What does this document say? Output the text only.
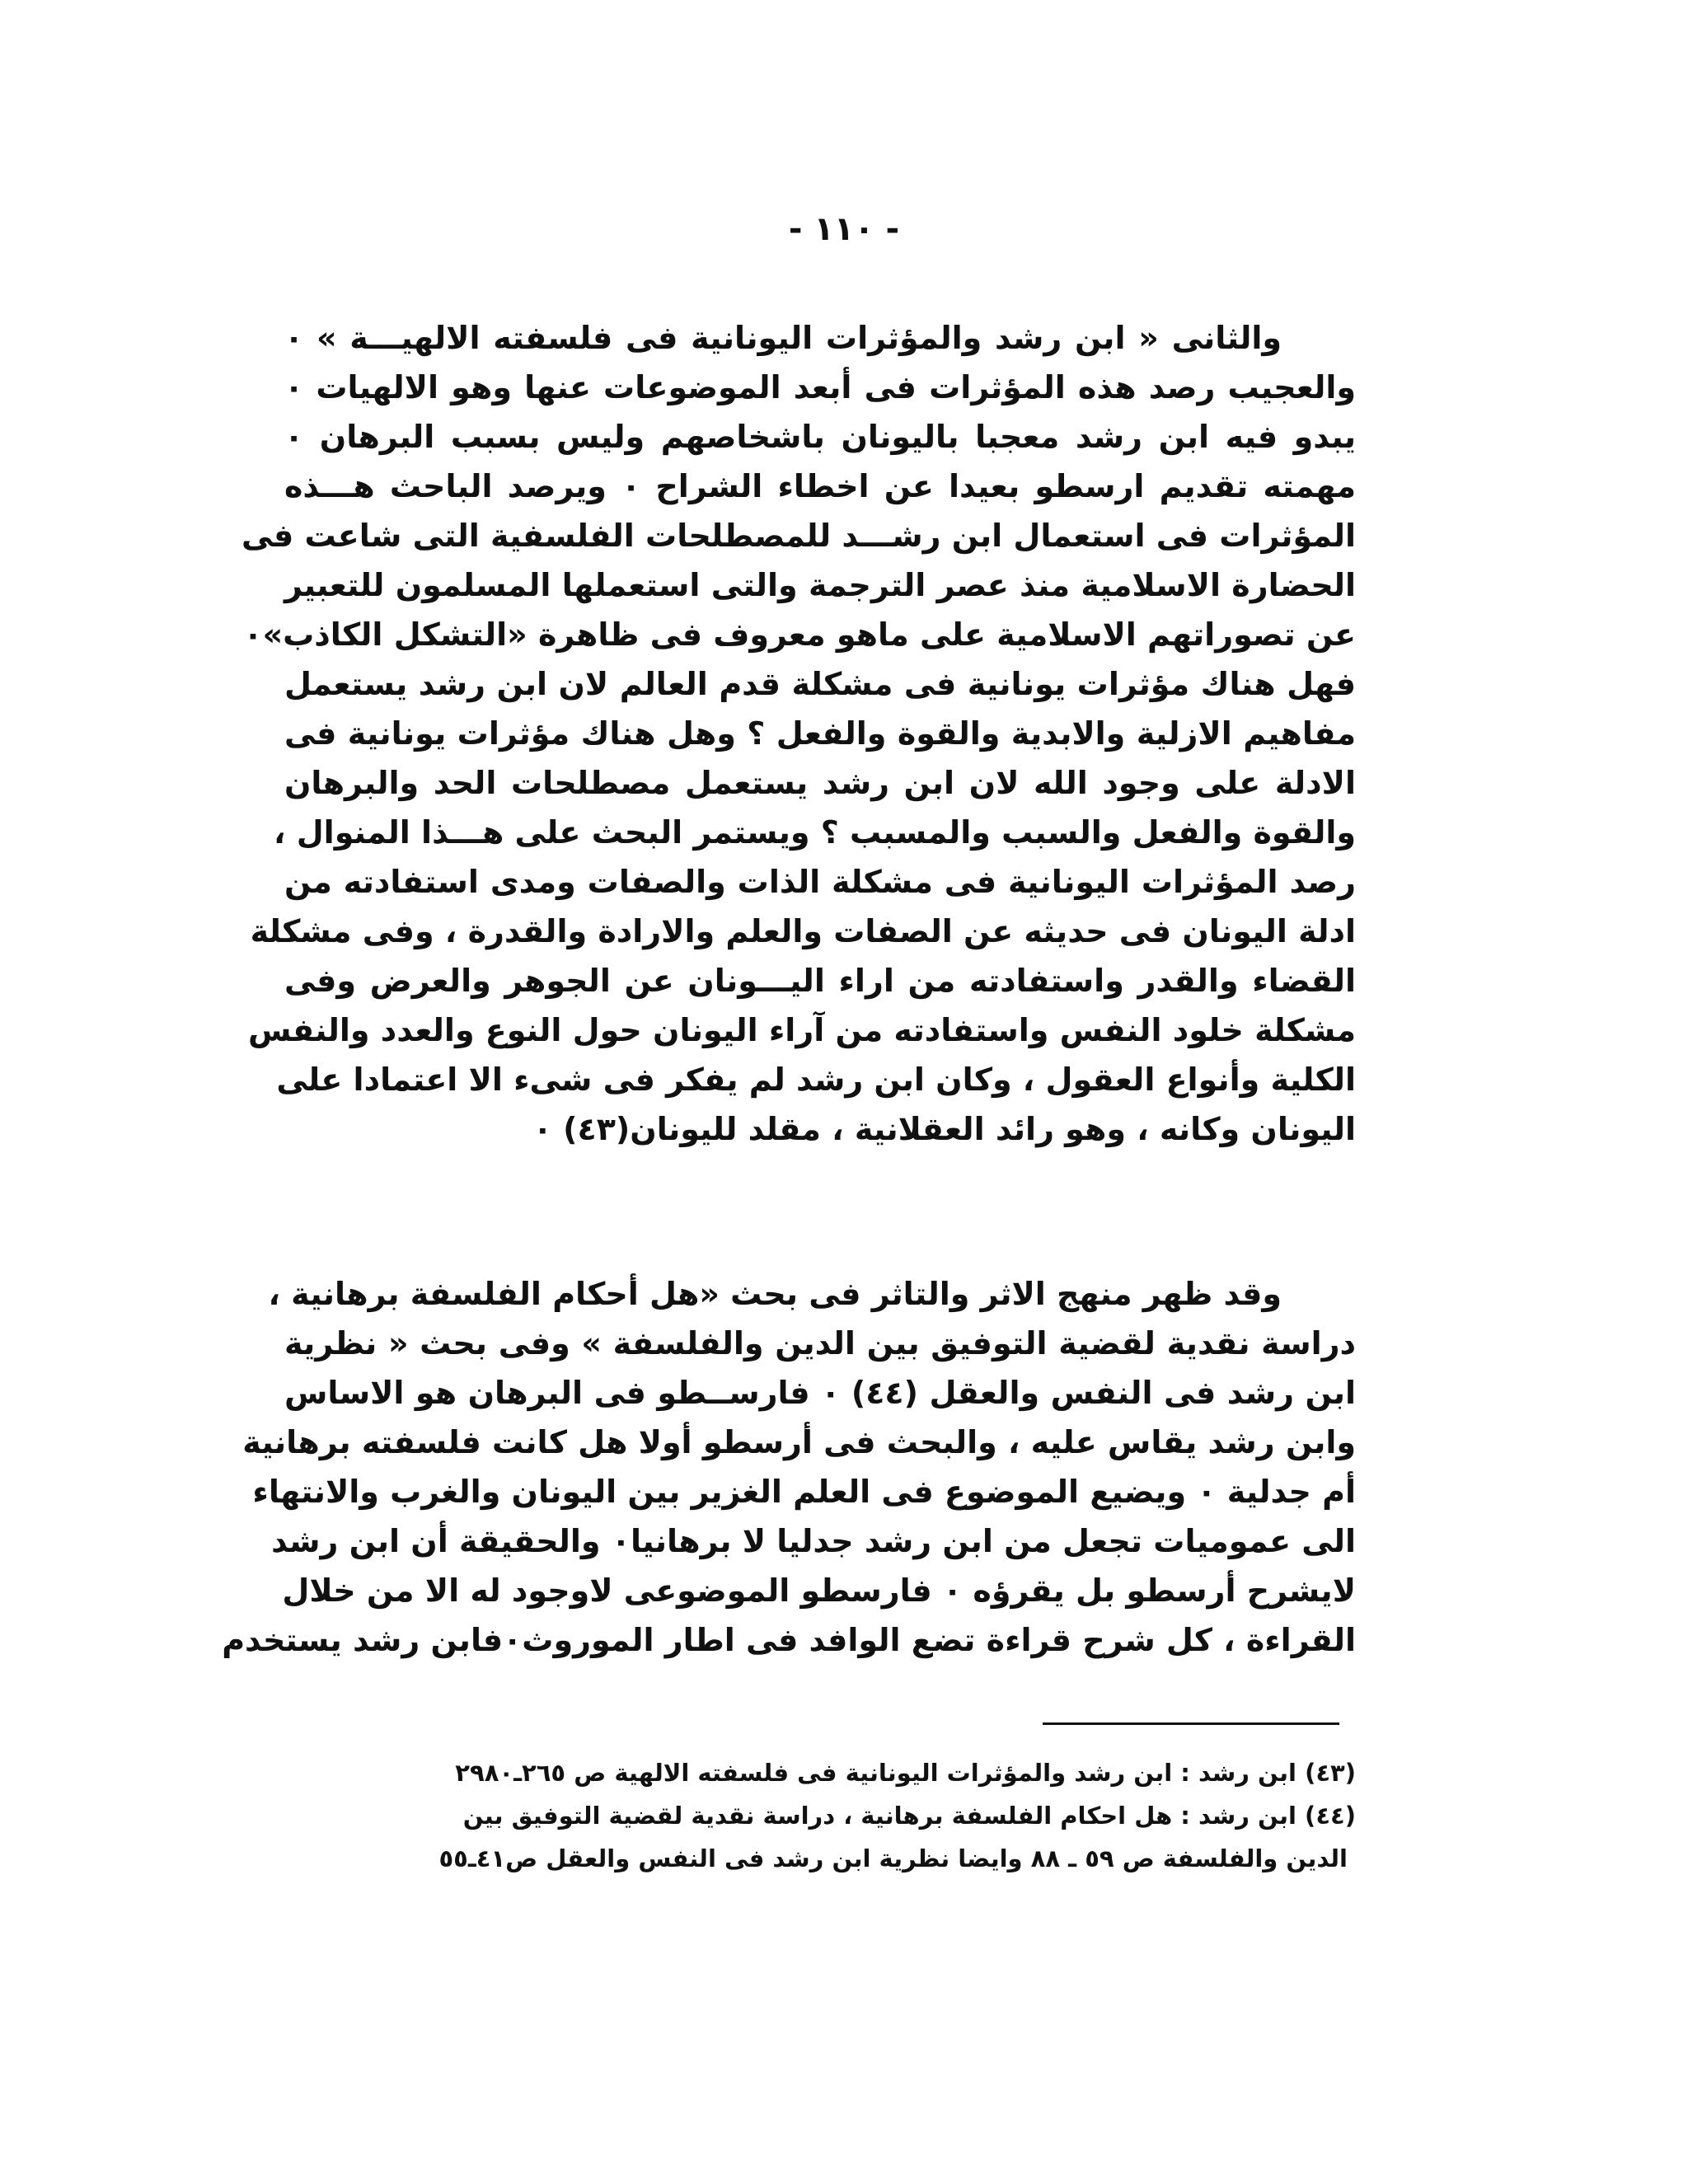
- ١١٠ -
والثانى « ابن رشد والمؤثرات اليونانية فى فلسفته الالهيـــة » ٠
والعجيب رصد هذه المؤثرات فى أبعد الموضوعات عنها وهو الالهيات ٠
يبدو فيه ابن رشد معجبا باليونان باشخاصهم وليس بسبب البرهان ٠
مهمته تقديم ارسطو بعيدا عن اخطاء الشراح ٠ ويرصد الباحث هـــذه
المؤثرات فى استعمال ابن رشـــد للمصطلحات الفلسفية التى شاعت فى
الحضارة الاسلامية منذ عصر الترجمة والتى استعملها المسلمون للتعبير
عن تصوراتهم الاسلامية على ماهو معروف فى ظاهرة «التشكل الكاذب»٠
فهل هناك مؤثرات يونانية فى مشكلة قدم العالم لان ابن رشد يستعمل
مفاهيم الازلية والابدية والقوة والفعل ؟ وهل هناك مؤثرات يونانية فى
الادلة على وجود الله لان ابن رشد يستعمل مصطلحات الحد والبرهان
والقوة والفعل والسبب والمسبب ؟ ويستمر البحث على هـــذا المنوال ،
رصد المؤثرات اليونانية فى مشكلة الذات والصفات ومدى استفادته من
ادلة اليونان فى حديثه عن الصفات والعلم والارادة والقدرة ، وفى مشكلة
القضاء والقدر واستفادته من اراء اليـــونان عن الجوهر والعرض وفى
مشكلة خلود النفس واستفادته من آراء اليونان حول النوع والعدد والنفس
الكلية وأنواع العقول ، وكان ابن رشد لم يفكر فى شىء الا اعتمادا على
اليونان وكانه ، وهو رائد العقلانية ، مقلد لليونان(٤٣) ٠
وقد ظهر منهج الاثر والتاثر فى بحث «هل أحكام الفلسفة برهانية ،
دراسة نقدية لقضية التوفيق بين الدين والفلسفة » وفى بحث « نظرية
ابن رشد فى النفس والعقل (٤٤) ٠ فارســطو فى البرهان هو الاساس
وابن رشد يقاس عليه ، والبحث فى أرسطو أولا هل كانت فلسفته برهانية
أم جدلية ٠ ويضيع الموضوع فى العلم الغزير بين اليونان والغرب والانتهاء
الى عموميات تجعل من ابن رشد جدليا لا برهانيا٠ والحقيقة أن ابن رشد
لايشرح أرسطو بل يقرؤه ٠ فارسطو الموضوعى لاوجود له الا من خلال
القراءة ، كل شرح قراءة تضع الوافد فى اطار الموروث٠فابن رشد يستخدم
(٤٣) ابن رشد : ابن رشد والمؤثرات اليونانية فى فلسفته الالهية ص ٢٦٥ـ٢٩٨٠
(٤٤) ابن رشد : هل احكام الفلسفة برهانية ، دراسة نقدية لقضية التوفيق بين
الدين والفلسفة ص ٥٩ ـ ٨٨ وايضا نظرية ابن رشد فى النفس والعقل ص٤١ـ٥٥
